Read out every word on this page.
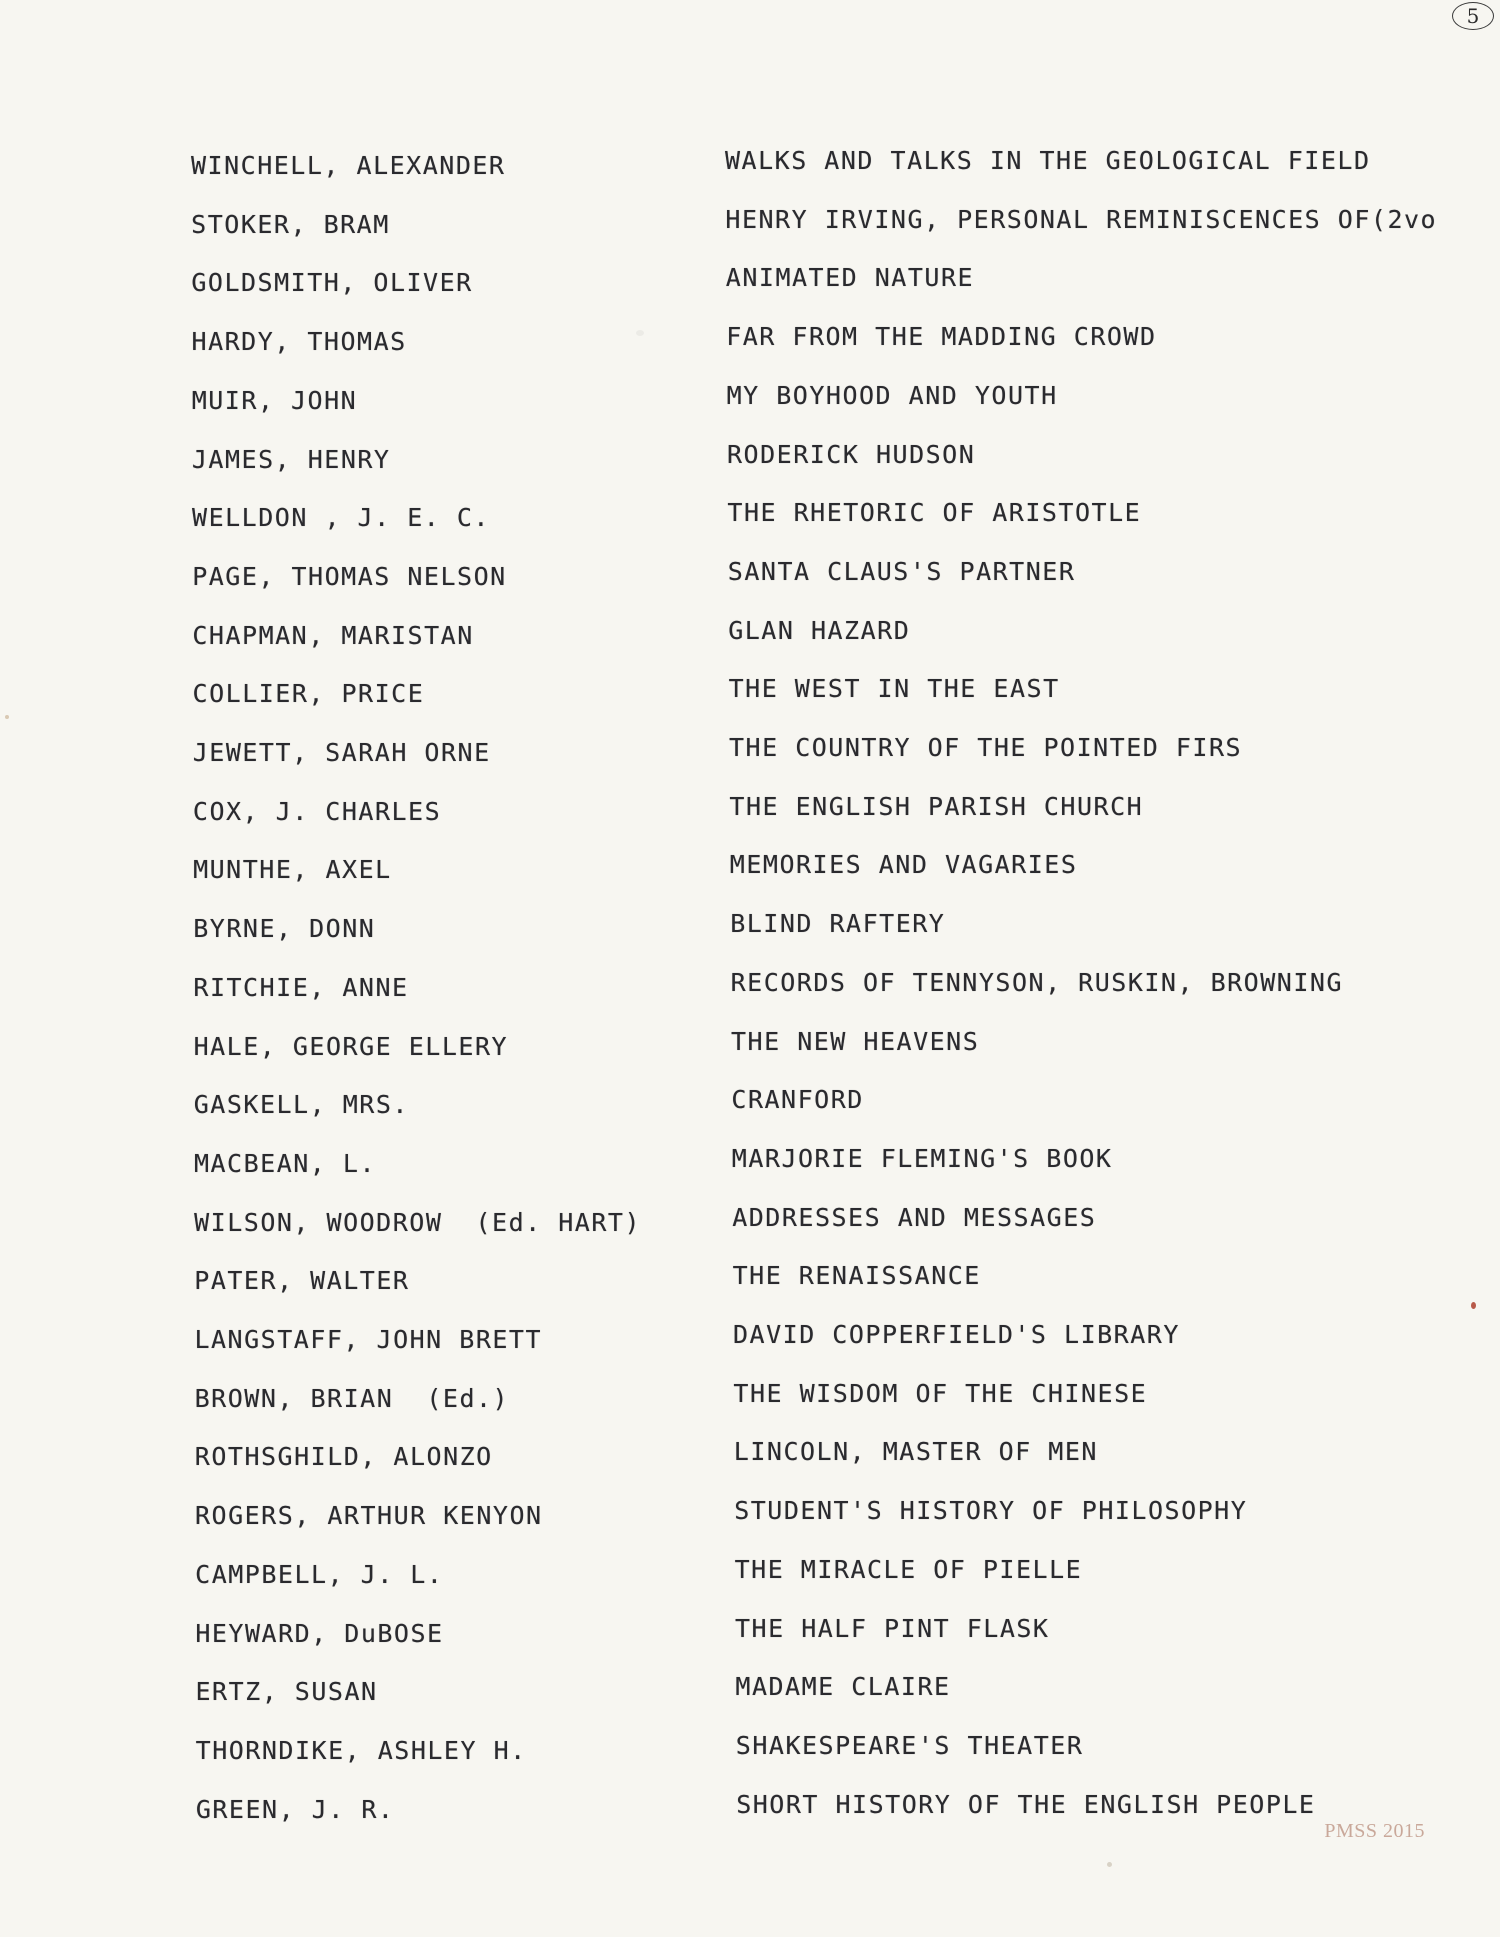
5
WINCHELL, ALEXANDER	WALKS AND TALKS IN THE GEOLOGICAL FIELD
STOKER, BRAM	HENRY IRVING, PERSONAL REMINISCENCES OF(2vo
GOLDSMITH, OLIVER	ANIMATED NATURE
HARDY, THOMAS	FAR FROM THE MADDING CROWD
MUIR, JOHN	MY BOYHOOD AND YOUTH
JAMES, HENRY	RODERICK HUDSON
WELLDON , J. E. C.	THE RHETORIC OF ARISTOTLE
PAGE, THOMAS NELSON	SANTA CLAUS'S PARTNER
CHAPMAN, MARISTAN	GLAN HAZARD
COLLIER, PRICE	THE WEST IN THE EAST
JEWETT, SARAH ORNE	THE COUNTRY OF THE POINTED FIRS
COX, J. CHARLES	THE ENGLISH PARISH CHURCH
MUNTHE, AXEL	MEMORIES AND VAGARIES
BYRNE, DONN	BLIND RAFTERY
RITCHIE, ANNE	RECORDS OF TENNYSON, RUSKIN, BROWNING
HALE, GEORGE ELLERY	THE NEW HEAVENS
GASKELL, MRS.	CRANFORD
MACBEAN, L.	MARJORIE FLEMING'S BOOK
WILSON, WOODROW  (Ed. HART)	ADDRESSES AND MESSAGES
PATER, WALTER	THE RENAISSANCE
LANGSTAFF, JOHN BRETT	DAVID COPPERFIELD'S LIBRARY
BROWN, BRIAN  (Ed.)	THE WISDOM OF THE CHINESE
ROTHSGHILD, ALONZO	LINCOLN, MASTER OF MEN
ROGERS, ARTHUR KENYON	STUDENT'S HISTORY OF PHILOSOPHY
CAMPBELL, J. L.	THE MIRACLE OF PIELLE
HEYWARD, DuBOSE	THE HALF PINT FLASK
ERTZ, SUSAN	MADAME CLAIRE
THORNDIKE, ASHLEY H.	SHAKESPEARE'S THEATER
GREEN, J. R.	SHORT HISTORY OF THE ENGLISH PEOPLE
PMSS 2015
